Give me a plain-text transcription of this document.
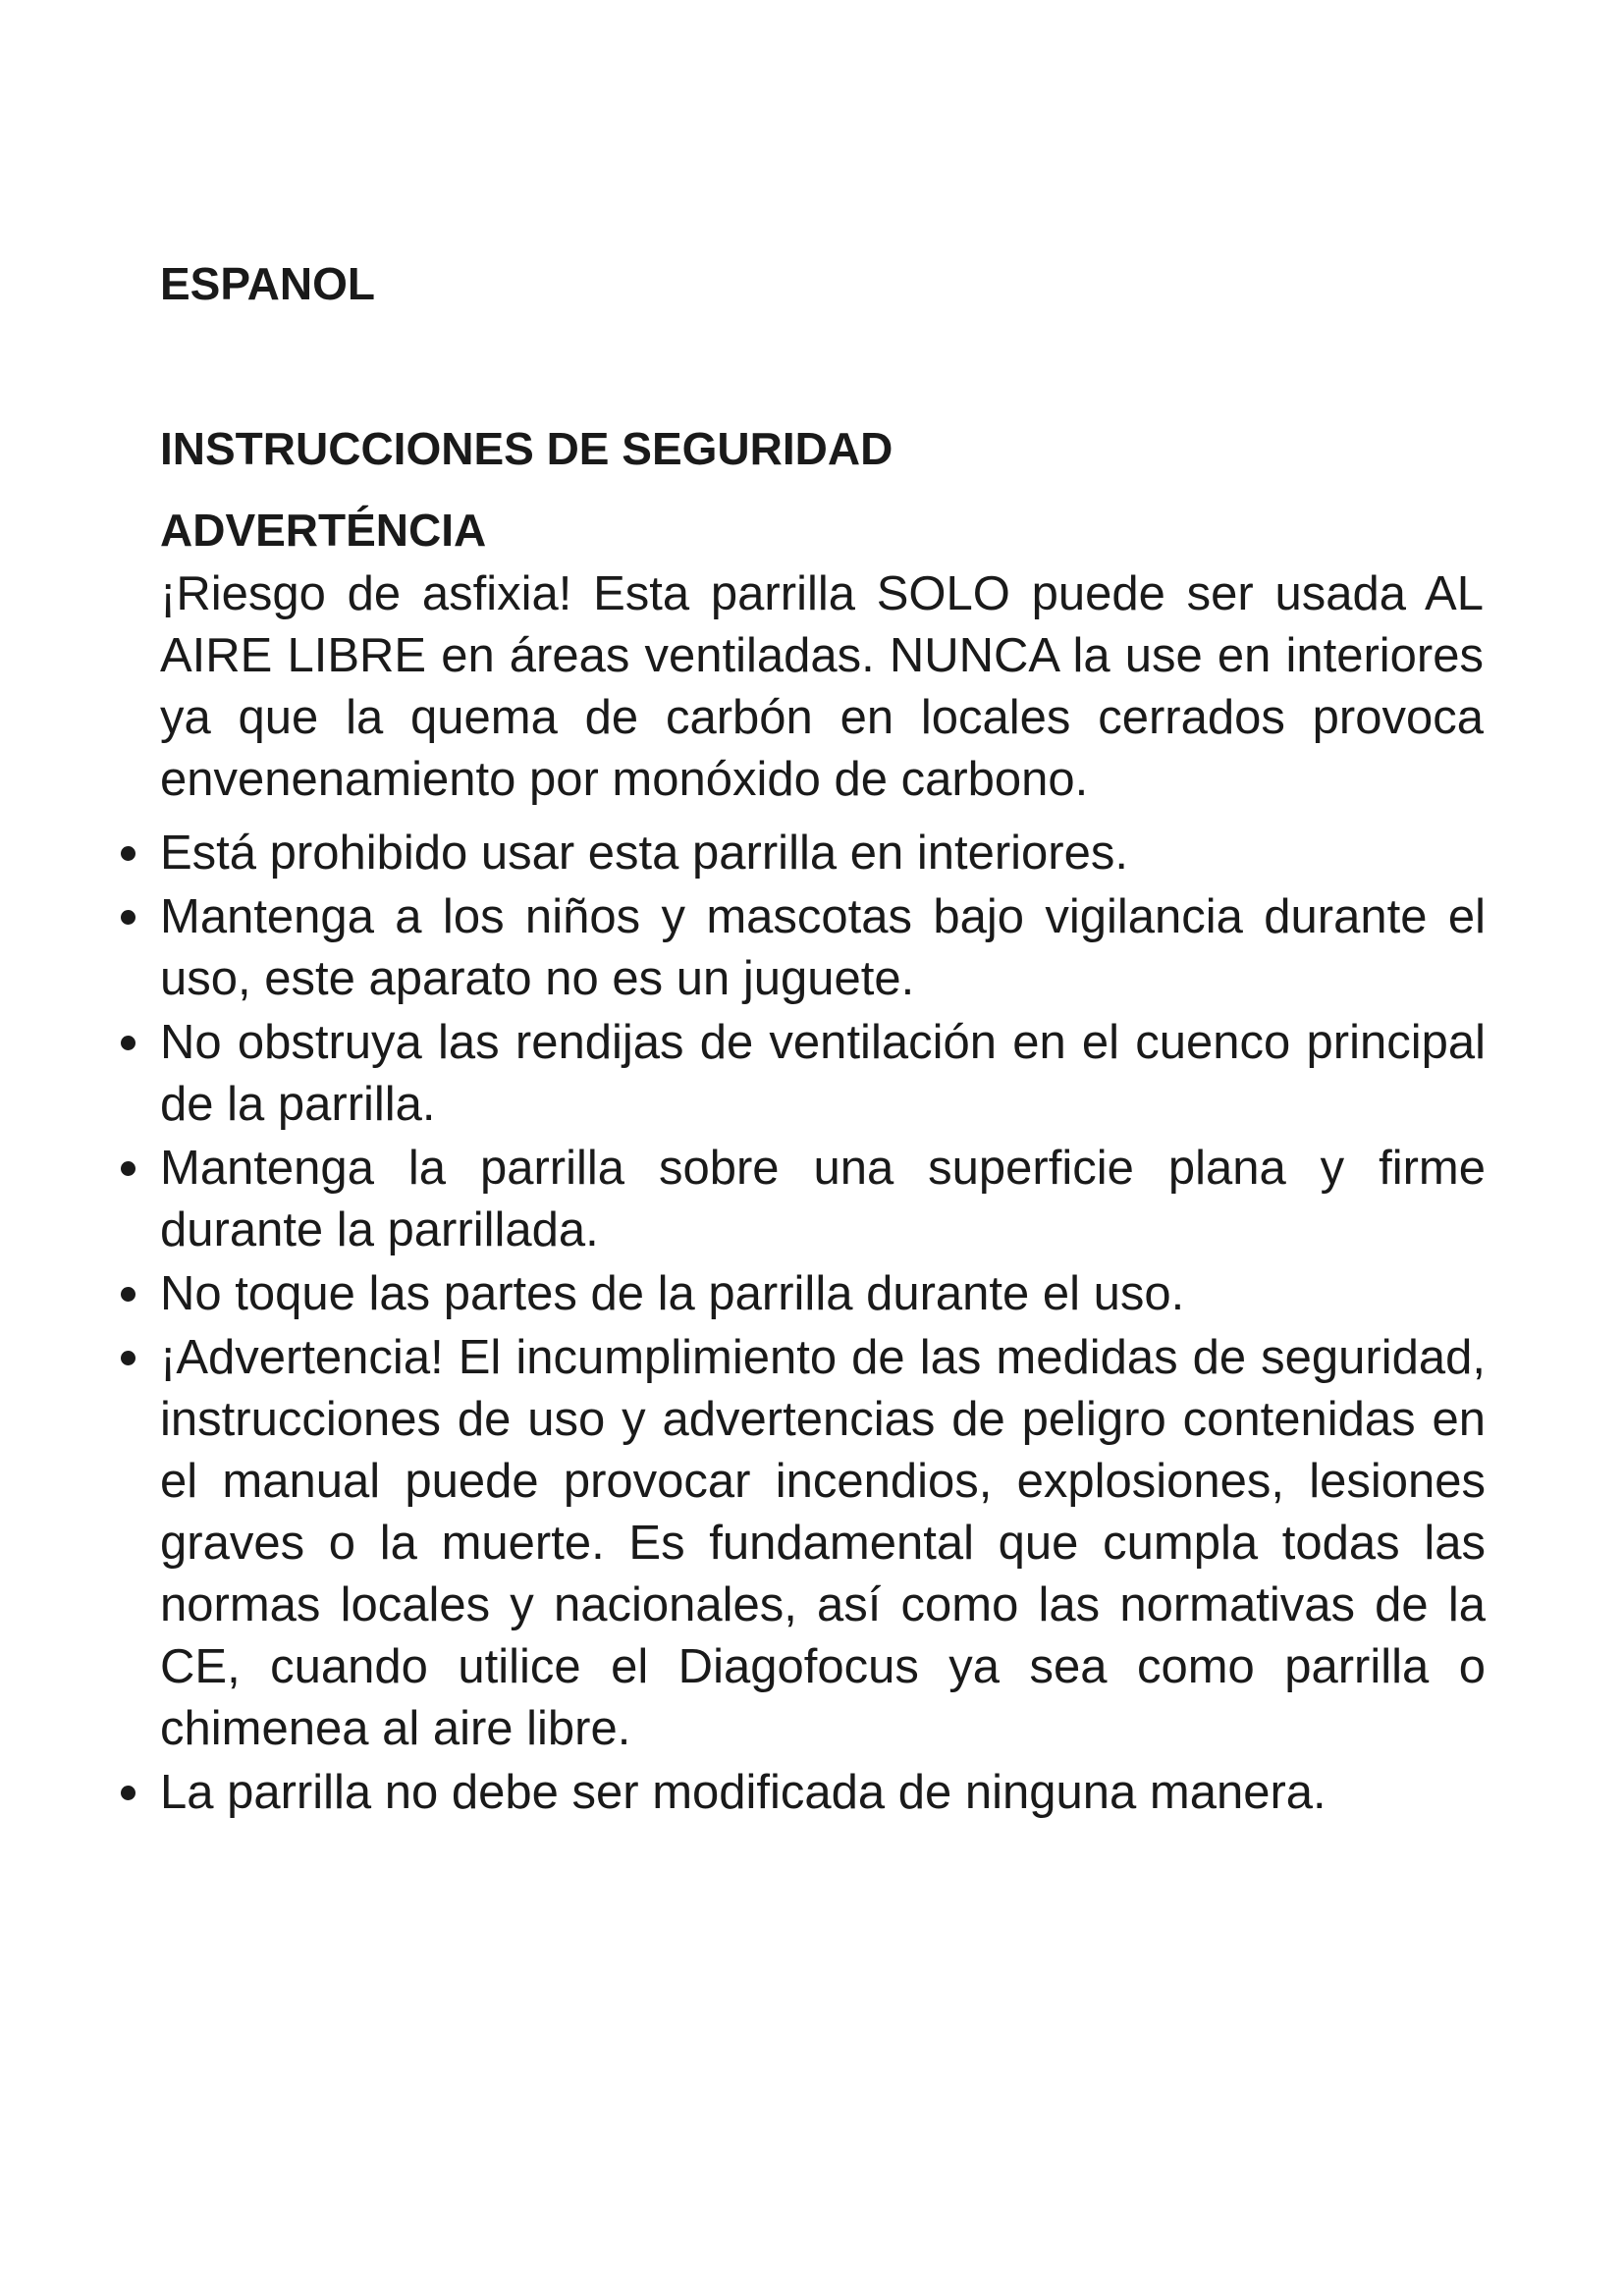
ESPANOL
INSTRUCCIONES DE SEGURIDAD
ADVERTÉNCIA

¡Riesgo de asfixia! Esta parrilla SOLO puede ser usada AL AIRE LIBRE en áreas ventiladas. NUNCA la use en interiores ya que la quema de carbón en locales cerrados provoca envenenamiento por monóxido de carbono.

Está prohibido usar esta parrilla en interiores.
Mantenga a los niños y mascotas bajo vigilancia durante el uso, este aparato no es un juguete.
No obstruya las rendijas de ventilación en el cuenco principal de la parrilla.
Mantenga la parrilla sobre una superficie plana y firme durante la parrillada.
No toque las partes de la parrilla durante el uso.
¡Advertencia! El incumplimiento de las medidas de seguridad, instrucciones de uso y advertencias de peligro contenidas en el manual puede provocar incendios, explosiones, lesiones graves o la muerte. Es fundamental que cumpla todas las normas locales y nacionales, así como las normativas de la CE, cuando utilice el Diagofocus ya sea como parrilla o chimenea al aire libre.
La parrilla no debe ser modificada de ninguna manera.
